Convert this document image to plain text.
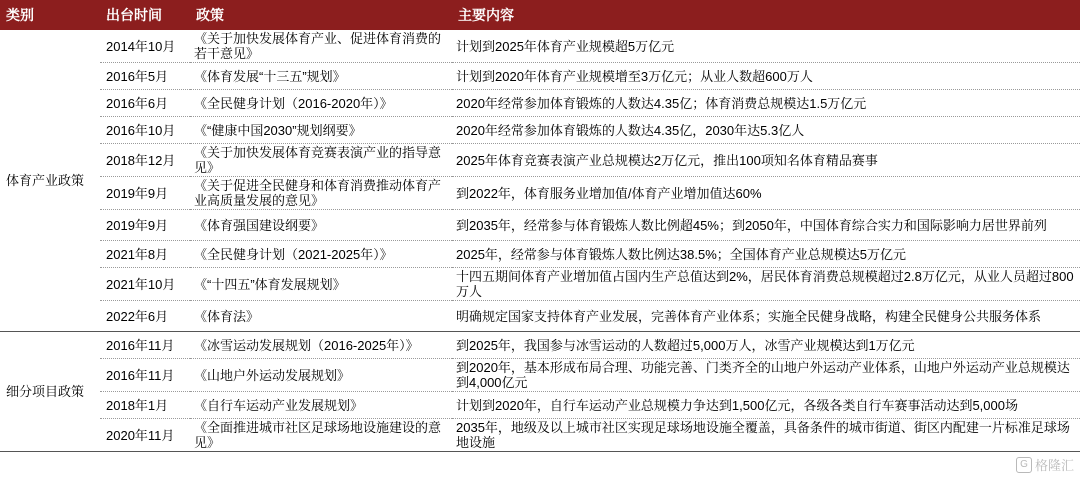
类别	出台时间	政策	主要内容
体育产业政策	2014年10月	《关于加快发展体育产业、促进体育消费的若干意见》	计划到2025年体育产业规模超5万亿元
	2016年5月	《体育发展“十三五”规划》	计划到2020年体育产业规模增至3万亿元；从业人数超600万人
	2016年6月	《全民健身计划（2016-2020年）》	2020年经常参加体育锻炼的人数达4.35亿；体育消费总规模达1.5万亿元
	2016年10月	《“健康中国2030”规划纲要》	2020年经常参加体育锻炼的人数达4.35亿，2030年达5.3亿人
	2018年12月	《关于加快发展体育竞赛表演产业的指导意见》	2025年体育竞赛表演产业总规模达2万亿元，推出100项知名体育精品赛事
	2019年9月	《关于促进全民健身和体育消费推动体育产业高质量发展的意见》	到2022年，体育服务业增加值/体育产业增加值达60%
	2019年9月	《体育强国建设纲要》	到2035年，经常参与体育锻炼人数比例超45%；到2050年，中国体育综合实力和国际影响力居世界前列
	2021年8月	《全民健身计划（2021-2025年）》	2025年，经常参与体育锻炼人数比例达38.5%；全国体育产业总规模达5万亿元
	2021年10月	《“十四五”体育发展规划》	十四五期间体育产业增加值占国内生产总值达到2%，居民体育消费总规模超过2.8万亿元，从业人员超过800万人
	2022年6月	《体育法》	明确规定国家支持体育产业发展，完善体育产业体系；实施全民健身战略，构建全民健身公共服务体系
细分项目政策	2016年11月	《冰雪运动发展规划（2016-2025年）》	到2025年，我国参与冰雪运动的人数超过5,000万人，冰雪产业规模达到1万亿元
	2016年11月	《山地户外运动发展规划》	到2020年，基本形成布局合理、功能完善、门类齐全的山地户外运动产业体系，山地户外运动产业总规模达到4,000亿元
	2018年1月	《自行车运动产业发展规划》	计划到2020年，自行车运动产业总规模力争达到1,500亿元，各级各类自行车赛事活动达到5,000场
	2020年11月	《全面推进城市社区足球场地设施建设的意见》	2035年，地级及以上城市社区实现足球场地设施全覆盖，具备条件的城市街道、街区内配建一片标准足球场地设施
G 格隆汇
